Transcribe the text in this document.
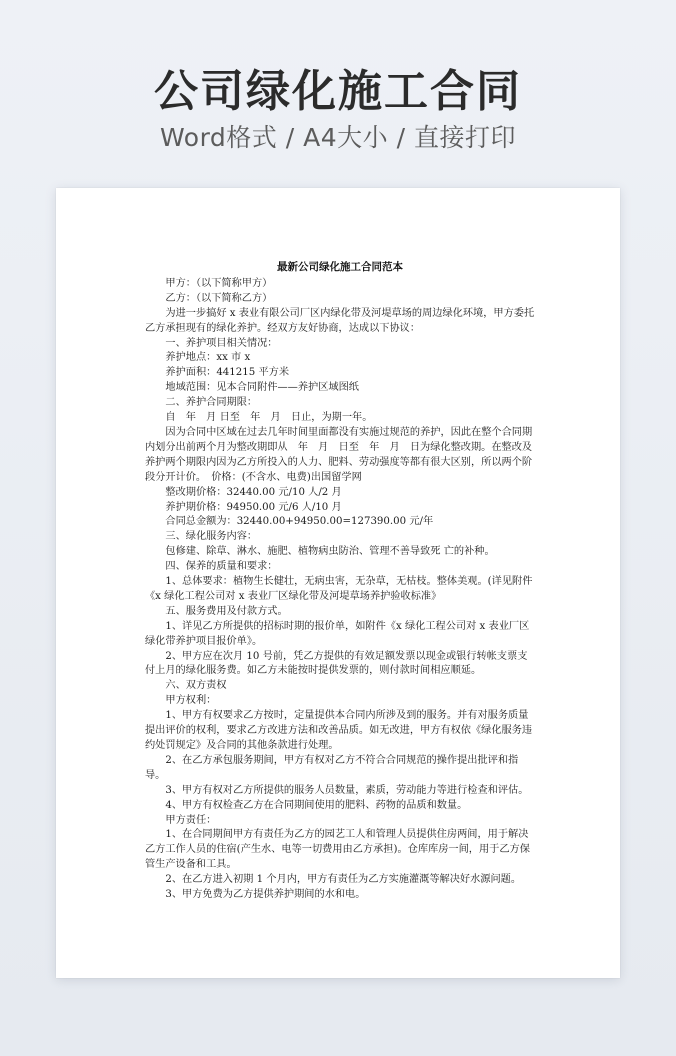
公司绿化施工合同
Word格式 / A4大小 / 直接打印
最新公司绿化施工合同范本

甲方：（以下简称甲方）

乙方：（以下简称乙方）

为进一步搞好 x 表业有限公司厂区内绿化带及河堤草场的周边绿化环境，甲方委托乙方承担现有的绿化养护。经双方友好协商，达成以下协议：

一、养护项目相关情况：

养护地点：xx 市 x

养护面积：441215 平方米

地域范围：见本合同附件——养护区域图纸

二、养护合同期限：

自　年　月 日至　年　月　日止，为期一年。

因为合同中区域在过去几年时间里面都没有实施过规范的养护，因此在整个合同期内划分出前两个月为整改期即从　年　月　日至　年　月　日为绿化整改期。在整改及养护两个期限内因为乙方所投入的人力、肥料、劳动强度等都有很大区别，所以两个阶段分开计价。　价格：(不含水、电费)出国留学网

整改期价格：32440.00 元/10 人/2 月

养护期价格：94950.00 元/6 人/10 月

合同总金额为：32440.00+94950.00=127390.00 元/年

三、绿化服务内容：

包修建、除草、淋水、施肥、植物病虫防治、管理不善导致死 亡的补种。

四、保养的质量和要求：

1、总体要求：植物生长健壮，无病虫害，无杂草，无枯枝。整体美观。(详见附件《x 绿化工程公司对 x 表业厂区绿化带及河堤草场养护验收标准》

五、服务费用及付款方式。

1、详见乙方所提供的招标时期的报价单，如附件《x 绿化工程公司对 x 表业厂区绿化带养护项目报价单》。

2、甲方应在次月 10 号前，凭乙方提供的有效足额发票以现金或银行转帐支票支付上月的绿化服务费。如乙方未能按时提供发票的，则付款时间相应顺延。

六、双方责权

甲方权利：

1、甲方有权要求乙方按时，定量提供本合同内所涉及到的服务。并有对服务质量提出评价的权利，要求乙方改进方法和改善品质。如无改进，甲方有权依《绿化服务违约处罚规定》及合同的其他条款进行处理。

2、在乙方承包服务期间，甲方有权对乙方不符合合同规范的操作提出批评和指导。

3、甲方有权对乙方所提供的服务人员数量，素质，劳动能力等进行检查和评估。

4、甲方有权检查乙方在合同期间使用的肥料、药物的品质和数量。

甲方责任：

1、在合同期间甲方有责任为乙方的园艺工人和管理人员提供住房两间，用于解决乙方工作人员的住宿(产生水、电等一切费用由乙方承担)。仓库库房一间，用于乙方保管生产设备和工具。

2、在乙方进入初期 1 个月内，甲方有责任为乙方实施灌溉等解决好水源问题。

3、甲方免费为乙方提供养护期间的水和电。
